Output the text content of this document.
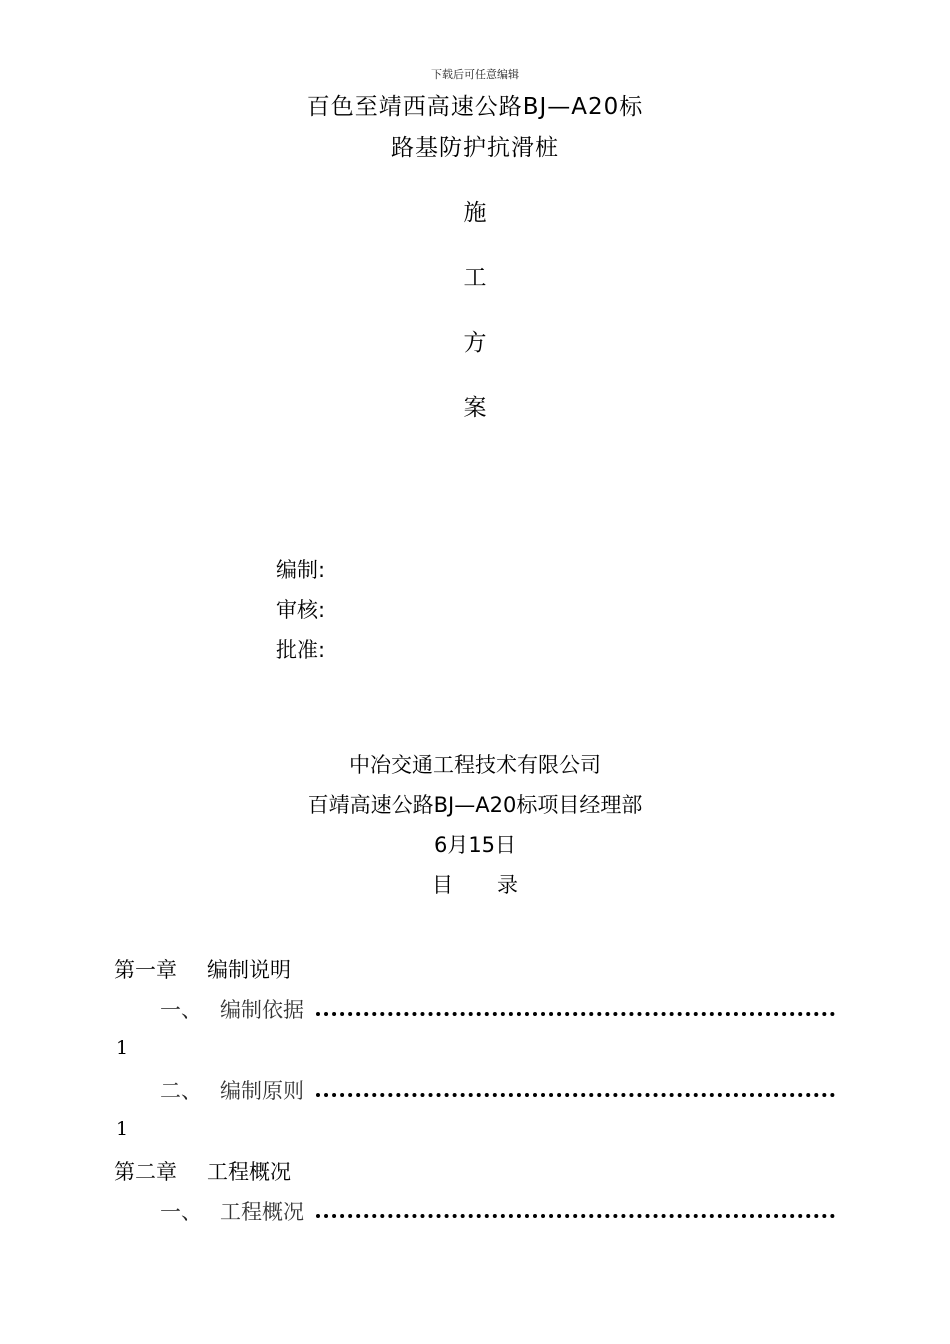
下载后可任意编辑
百色至靖西高速公路BJ—A20标
路基防护抗滑桩
施
工
方
案
编制:
审核:
批准:
中冶交通工程技术有限公司
百靖高速公路BJ—A20标项目经理部
6月15日
目 录
第一章 编制说明
一、 编制依据
1
二、 编制原则
1
第二章 工程概况
一、 工程概况
